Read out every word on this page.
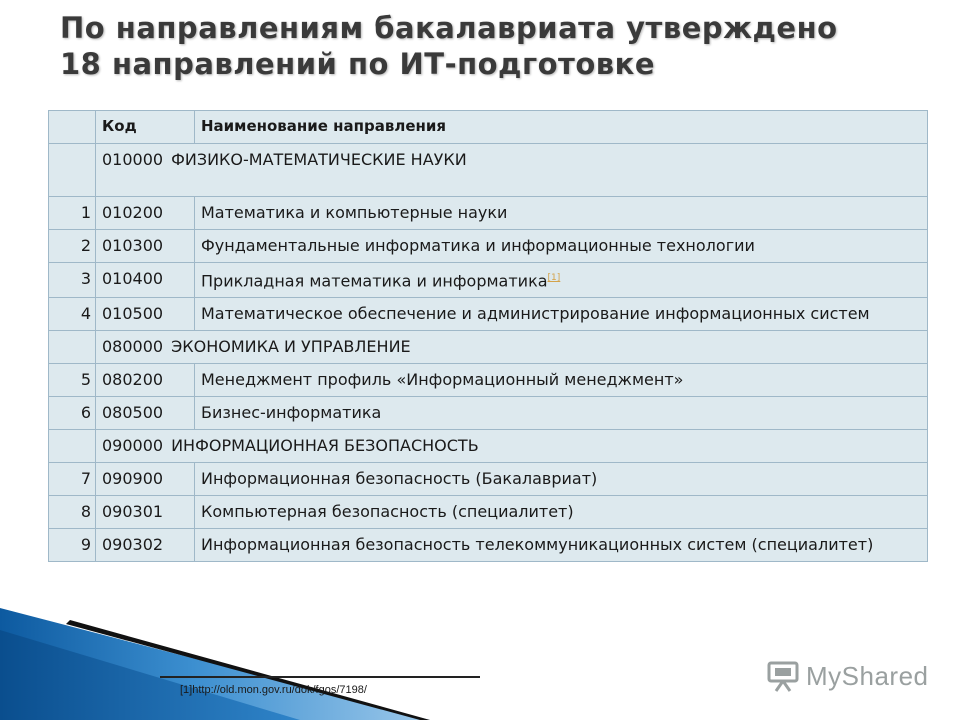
По направлениям бакалавриата утверждено
18 направлений по ИТ-подготовке
	Код	Наименование направления
	010000 ФИЗИКО-МАТЕМАТИЧЕСКИЕ НАУКИ	
1	010200	Математика и компьютерные науки
2	010300	Фундаментальные информатика и информационные технологии
3	010400	Прикладная математика и информатика[1]
4	010500	Математическое обеспечение и администрирование информационных систем
	080000 ЭКОНОМИКА И УПРАВЛЕНИЕ	
5	080200	Менеджмент профиль «Информационный менеджмент»
6	080500	Бизнес-информатика
	090000 ИНФОРМАЦИОННАЯ БЕЗОПАСНОСТЬ	
7	090900	Информационная безопасность (Бакалавриат)
8	090301	Компьютерная безопасность (специалитет)
9	090302	Информационная безопасность телекоммуникационных систем (специалитет)
[1]http://old.mon.gov.ru/dok/fgos/7198/	MyShared
